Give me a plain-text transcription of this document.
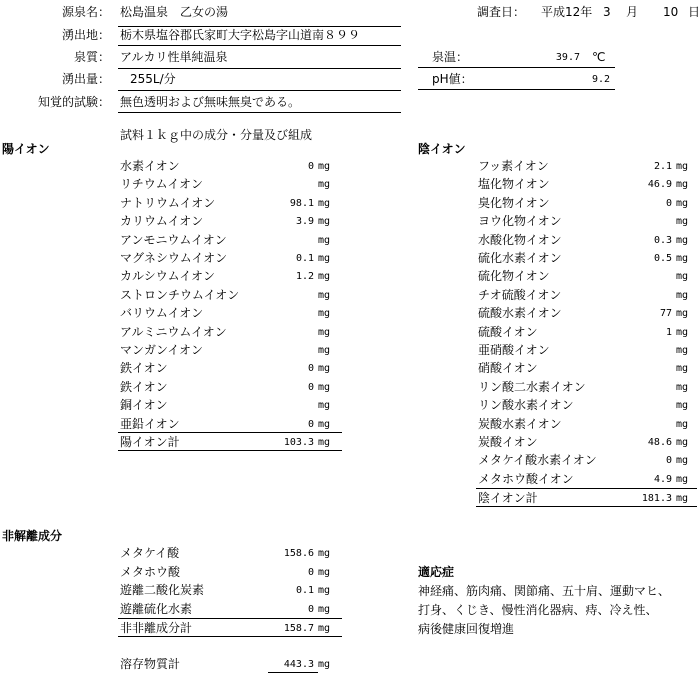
源泉名： 松島温泉　乙女の湯
湧出地： 栃木県塩谷郡氏家町大字松島字山道南８９９
泉質： アルカリ性単純温泉
湧出量： 255L/分
知覚的試験： 無色透明および無味無臭である。
調査日： 平成12年 3 月 10 日
泉温：	39.7 ℃
pH値：	9.2
試料１ｋｇ中の成分・分量及び組成
陽イオン
水素イオン	0 mg
リチウムイオン	mg
ナトリウムイオン	98.1 mg
カリウムイオン	3.9 mg
アンモニウムイオン	mg
マグネシウムイオン	0.1 mg
カルシウムイオン	1.2 mg
ストロンチウムイオン	mg
バリウムイオン	mg
アルミニウムイオン	mg
マンガンイオン	mg
鉄イオン	0 mg
鉄イオン	0 mg
銅イオン	mg
亜鉛イオン	0 mg
陽イオン計	103.3 mg
陰イオン
フッ素イオン	2.1 mg
塩化物イオン	46.9 mg
臭化物イオン	0 mg
ヨウ化物イオン	mg
水酸化物イオン	0.3 mg
硫化水素イオン	0.5 mg
硫化物イオン	mg
チオ硫酸イオン	mg
硫酸水素イオン	77 mg
硫酸イオン	1 mg
亜硝酸イオン	mg
硝酸イオン	mg
リン酸二水素イオン	mg
リン酸水素イオン	mg
炭酸水素イオン	mg
炭酸イオン	48.6 mg
メタケイ酸水素イオン	0 mg
メタホウ酸イオン	4.9 mg
陰イオン計	181.3 mg
非解離成分
メタケイ酸	158.6 mg
メタホウ酸	0 mg
遊離二酸化炭素	0.1 mg
遊離硫化水素	0 mg
非非離成分計	158.7 mg
溶存物質計	443.3 mg
適応症
神経痛、筋肉痛、関節痛、五十肩、運動マヒ、
打身、くじき、慢性消化器病、痔、冷え性、
病後健康回復増進
